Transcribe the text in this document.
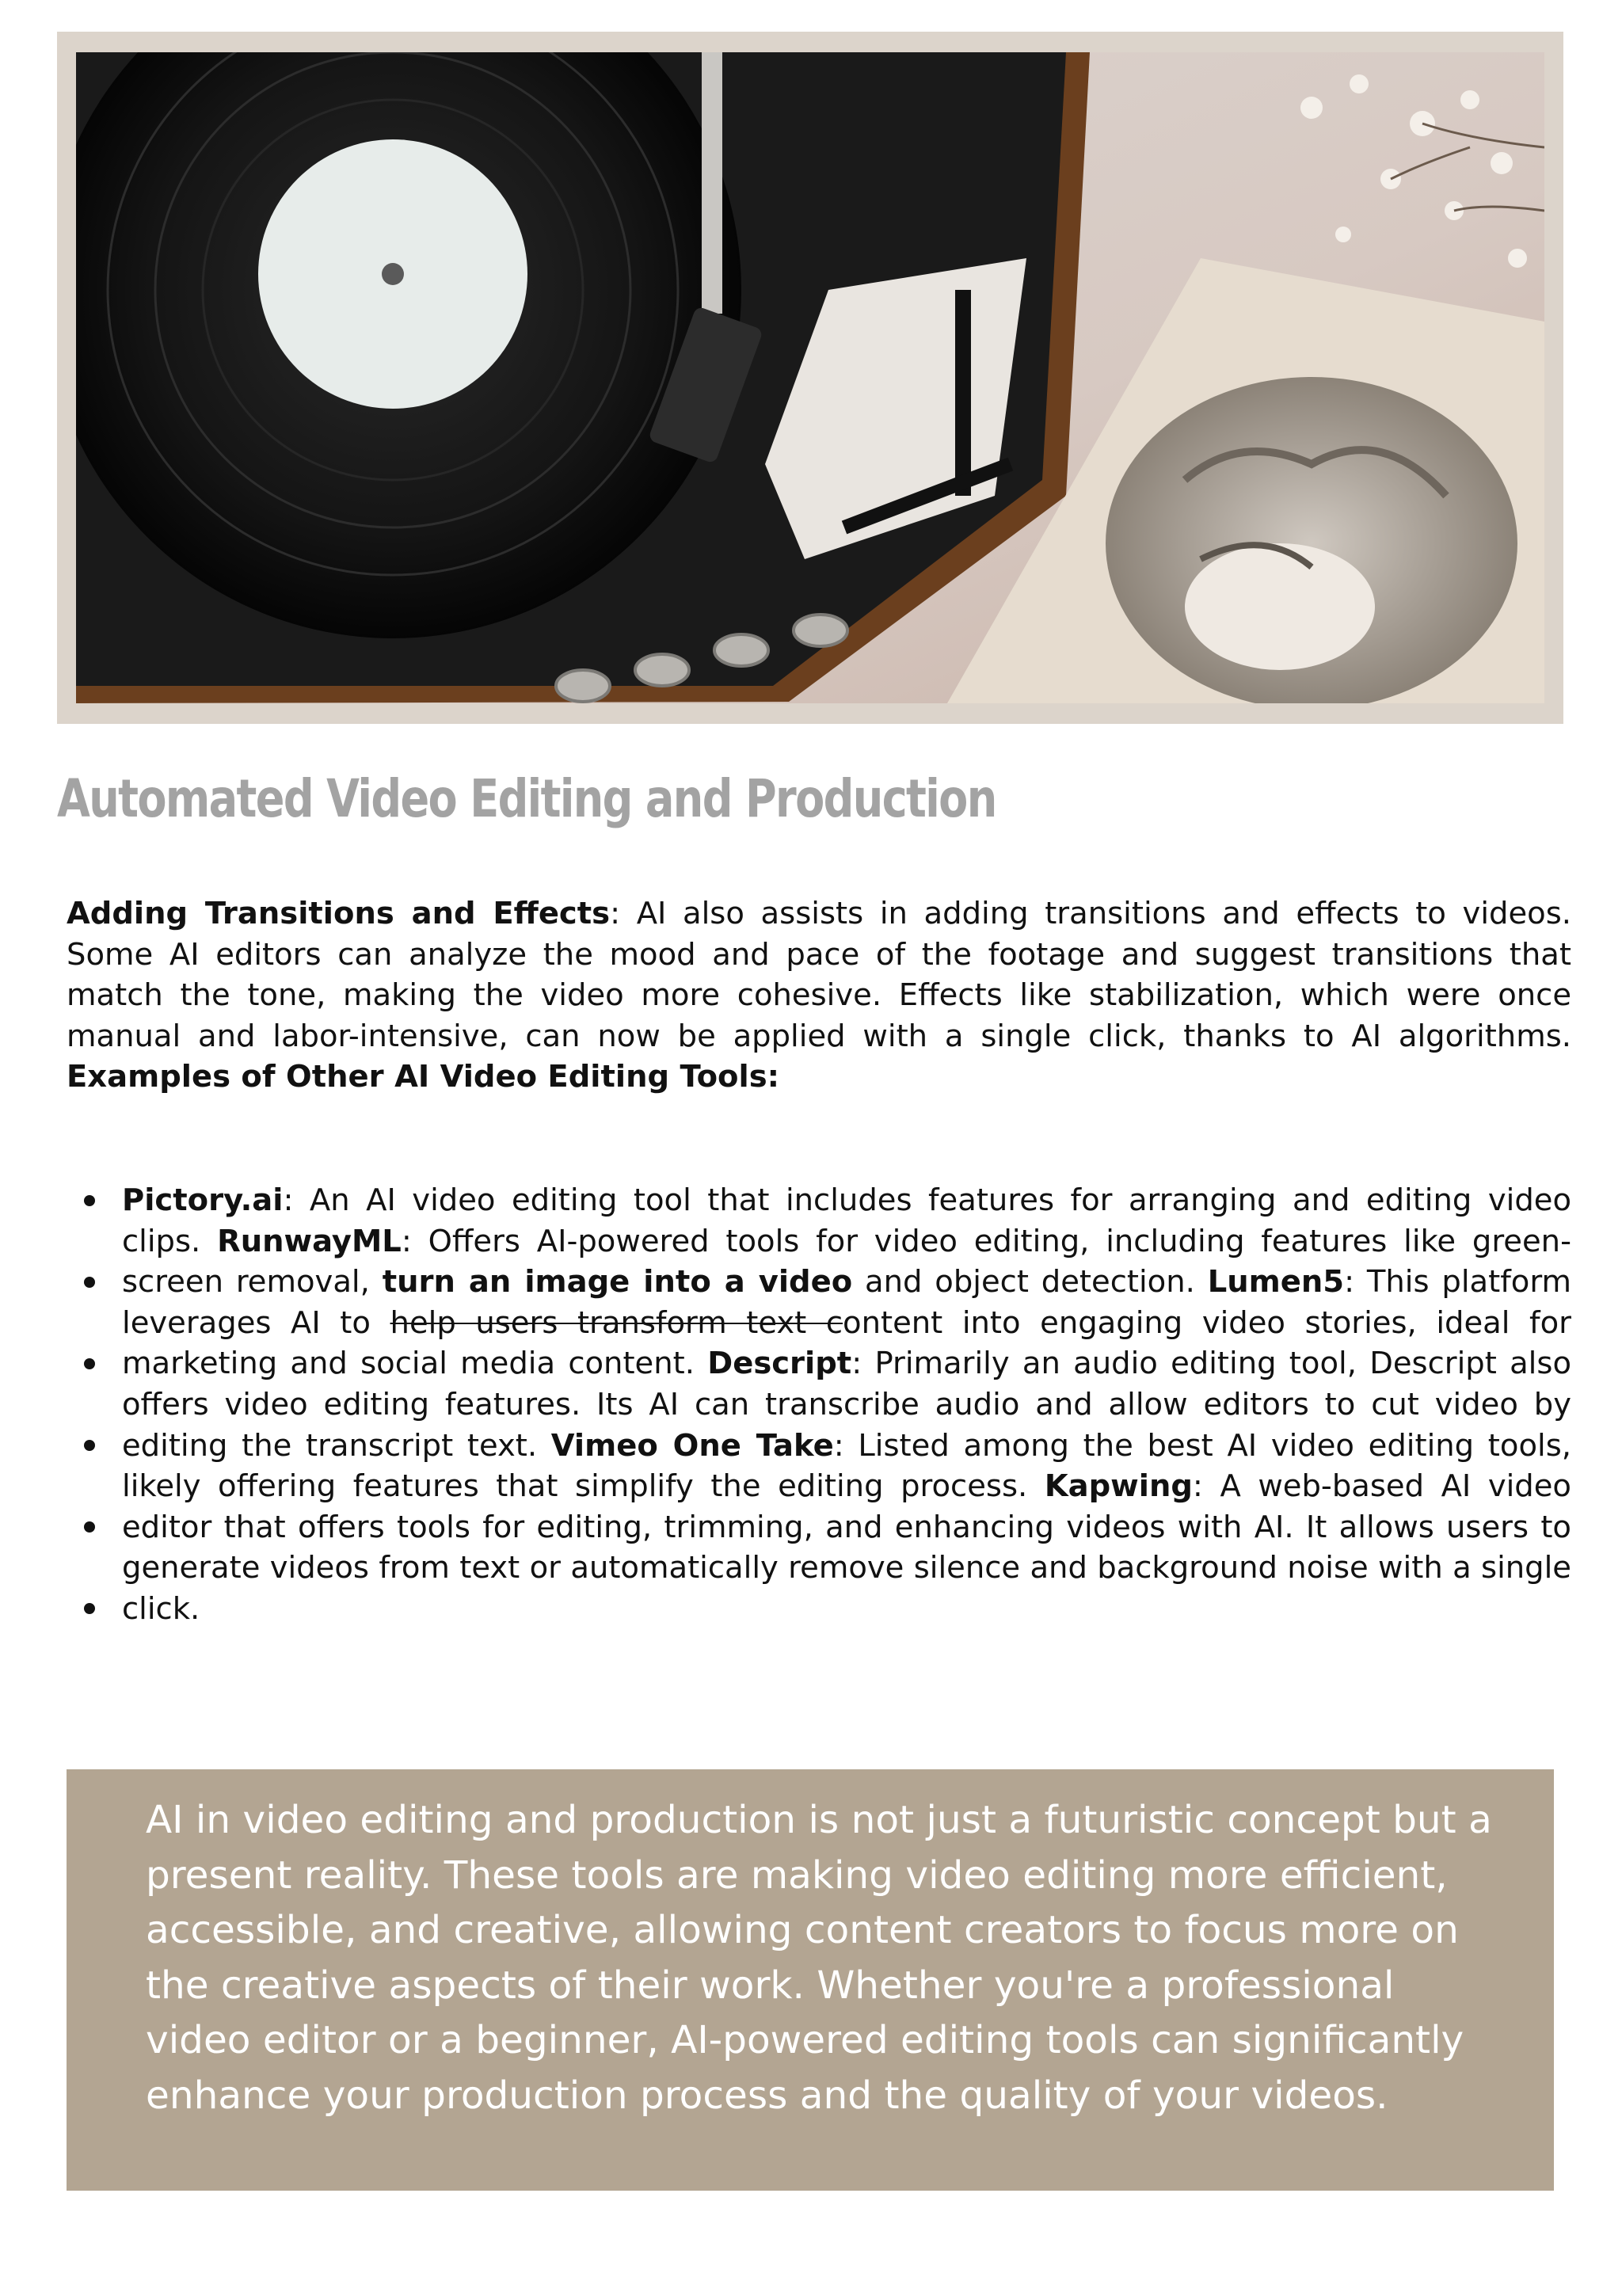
Automated Video Editing and Production

Adding Transitions and Effects: AI also assists in adding transitions and effects to videos. Some AI editors can analyze the mood and pace of the footage and suggest transitions that match the tone, making the video more cohesive. Effects like stabilization, which were once manual and labor-intensive, can now be applied with a single click, thanks to AI algorithms. Examples of Other AI Video Editing Tools:

Pictory.ai: An AI video editing tool that includes features for arranging and editing video clips. RunwayML: Offers AI-powered tools for video editing, including features like green-screen removal, turn an image into a video and object detection. Lumen5: This platform leverages AI to help users transform text content into engaging video stories, ideal for marketing and social media content. Descript: Primarily an audio editing tool, Descript also offers video editing features. Its AI can transcribe audio and allow editors to cut video by editing the transcript text. Vimeo One Take: Listed among the best AI video editing tools, likely offering features that simplify the editing process. Kapwing: A web-based AI video editor that offers tools for editing, trimming, and enhancing videos with AI. It allows users to generate videos from text or automatically remove silence and background noise with a single click.

AI in video editing and production is not just a futuristic concept but a present reality. These tools are making video editing more efficient, accessible, and creative, allowing content creators to focus more on the creative aspects of their work. Whether you're a professional video editor or a beginner, AI-powered editing tools can significantly enhance your production process and the quality of your videos.
